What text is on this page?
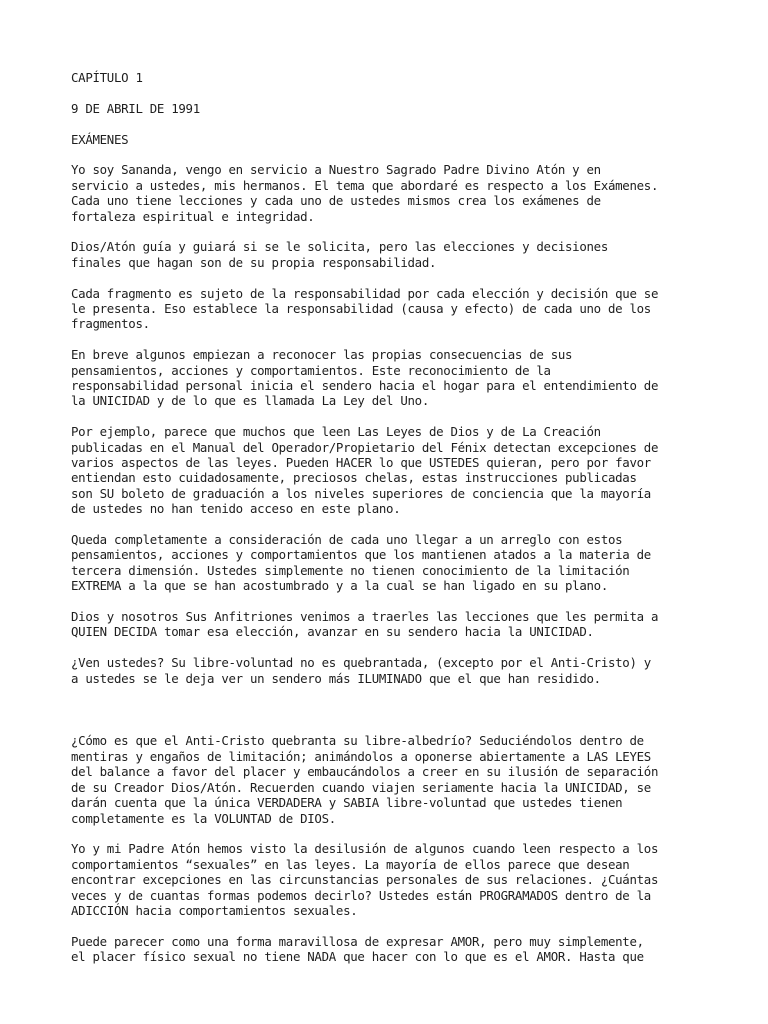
CAPÍTULO 1

9 DE ABRIL DE 1991

EXÁMENES

Yo soy Sananda, vengo en servicio a Nuestro Sagrado Padre Divino Atón y en
servicio a ustedes, mis hermanos. El tema que abordaré es respecto a los Exámenes.
Cada uno tiene lecciones y cada uno de ustedes mismos crea los exámenes de
fortaleza espiritual e integridad.

Dios/Atón guía y guiará si se le solicita, pero las elecciones y decisiones
finales que hagan son de su propia responsabilidad.

Cada fragmento es sujeto de la responsabilidad por cada elección y decisión que se
le presenta. Eso establece la responsabilidad (causa y efecto) de cada uno de los
fragmentos.

En breve algunos empiezan a reconocer las propias consecuencias de sus
pensamientos, acciones y comportamientos. Este reconocimiento de la
responsabilidad personal inicia el sendero hacia el hogar para el entendimiento de
la UNICIDAD y de lo que es llamada La Ley del Uno.

Por ejemplo, parece que muchos que leen Las Leyes de Dios y de La Creación
publicadas en el Manual del Operador/Propietario del Fénix detectan excepciones de
varios aspectos de las leyes. Pueden HACER lo que USTEDES quieran, pero por favor
entiendan esto cuidadosamente, preciosos chelas, estas instrucciones publicadas
son SU boleto de graduación a los niveles superiores de conciencia que la mayoría
de ustedes no han tenido acceso en este plano.

Queda completamente a consideración de cada uno llegar a un arreglo con estos
pensamientos, acciones y comportamientos que los mantienen atados a la materia de
tercera dimensión. Ustedes simplemente no tienen conocimiento de la limitación
EXTREMA a la que se han acostumbrado y a la cual se han ligado en su plano.

Dios y nosotros Sus Anfitriones venimos a traerles las lecciones que les permita a
QUIEN DECIDA tomar esa elección, avanzar en su sendero hacia la UNICIDAD.

¿Ven ustedes? Su libre-voluntad no es quebrantada, (excepto por el Anti-Cristo) y
a ustedes se le deja ver un sendero más ILUMINADO que el que han residido.

¿Cómo es que el Anti-Cristo quebranta su libre-albedrío? Seduciéndolos dentro de
mentiras y engaños de limitación; animándolos a oponerse abiertamente a LAS LEYES
del balance a favor del placer y embaucándolos a creer en su ilusión de separación
de su Creador Dios/Atón. Recuerden cuando viajen seriamente hacia la UNICIDAD, se
darán cuenta que la única VERDADERA y SABIA libre-voluntad que ustedes tienen
completamente es la VOLUNTAD de DIOS.

Yo y mi Padre Atón hemos visto la desilusión de algunos cuando leen respecto a los
comportamientos “sexuales” en las leyes. La mayoría de ellos parece que desean
encontrar excepciones en las circunstancias personales de sus relaciones. ¿Cuántas
veces y de cuantas formas podemos decirlo? Ustedes están PROGRAMADOS dentro de la
ADICCIÓN hacia comportamientos sexuales.

Puede parecer como una forma maravillosa de expresar AMOR, pero muy simplemente,
el placer físico sexual no tiene NADA que hacer con lo que es el AMOR. Hasta que
